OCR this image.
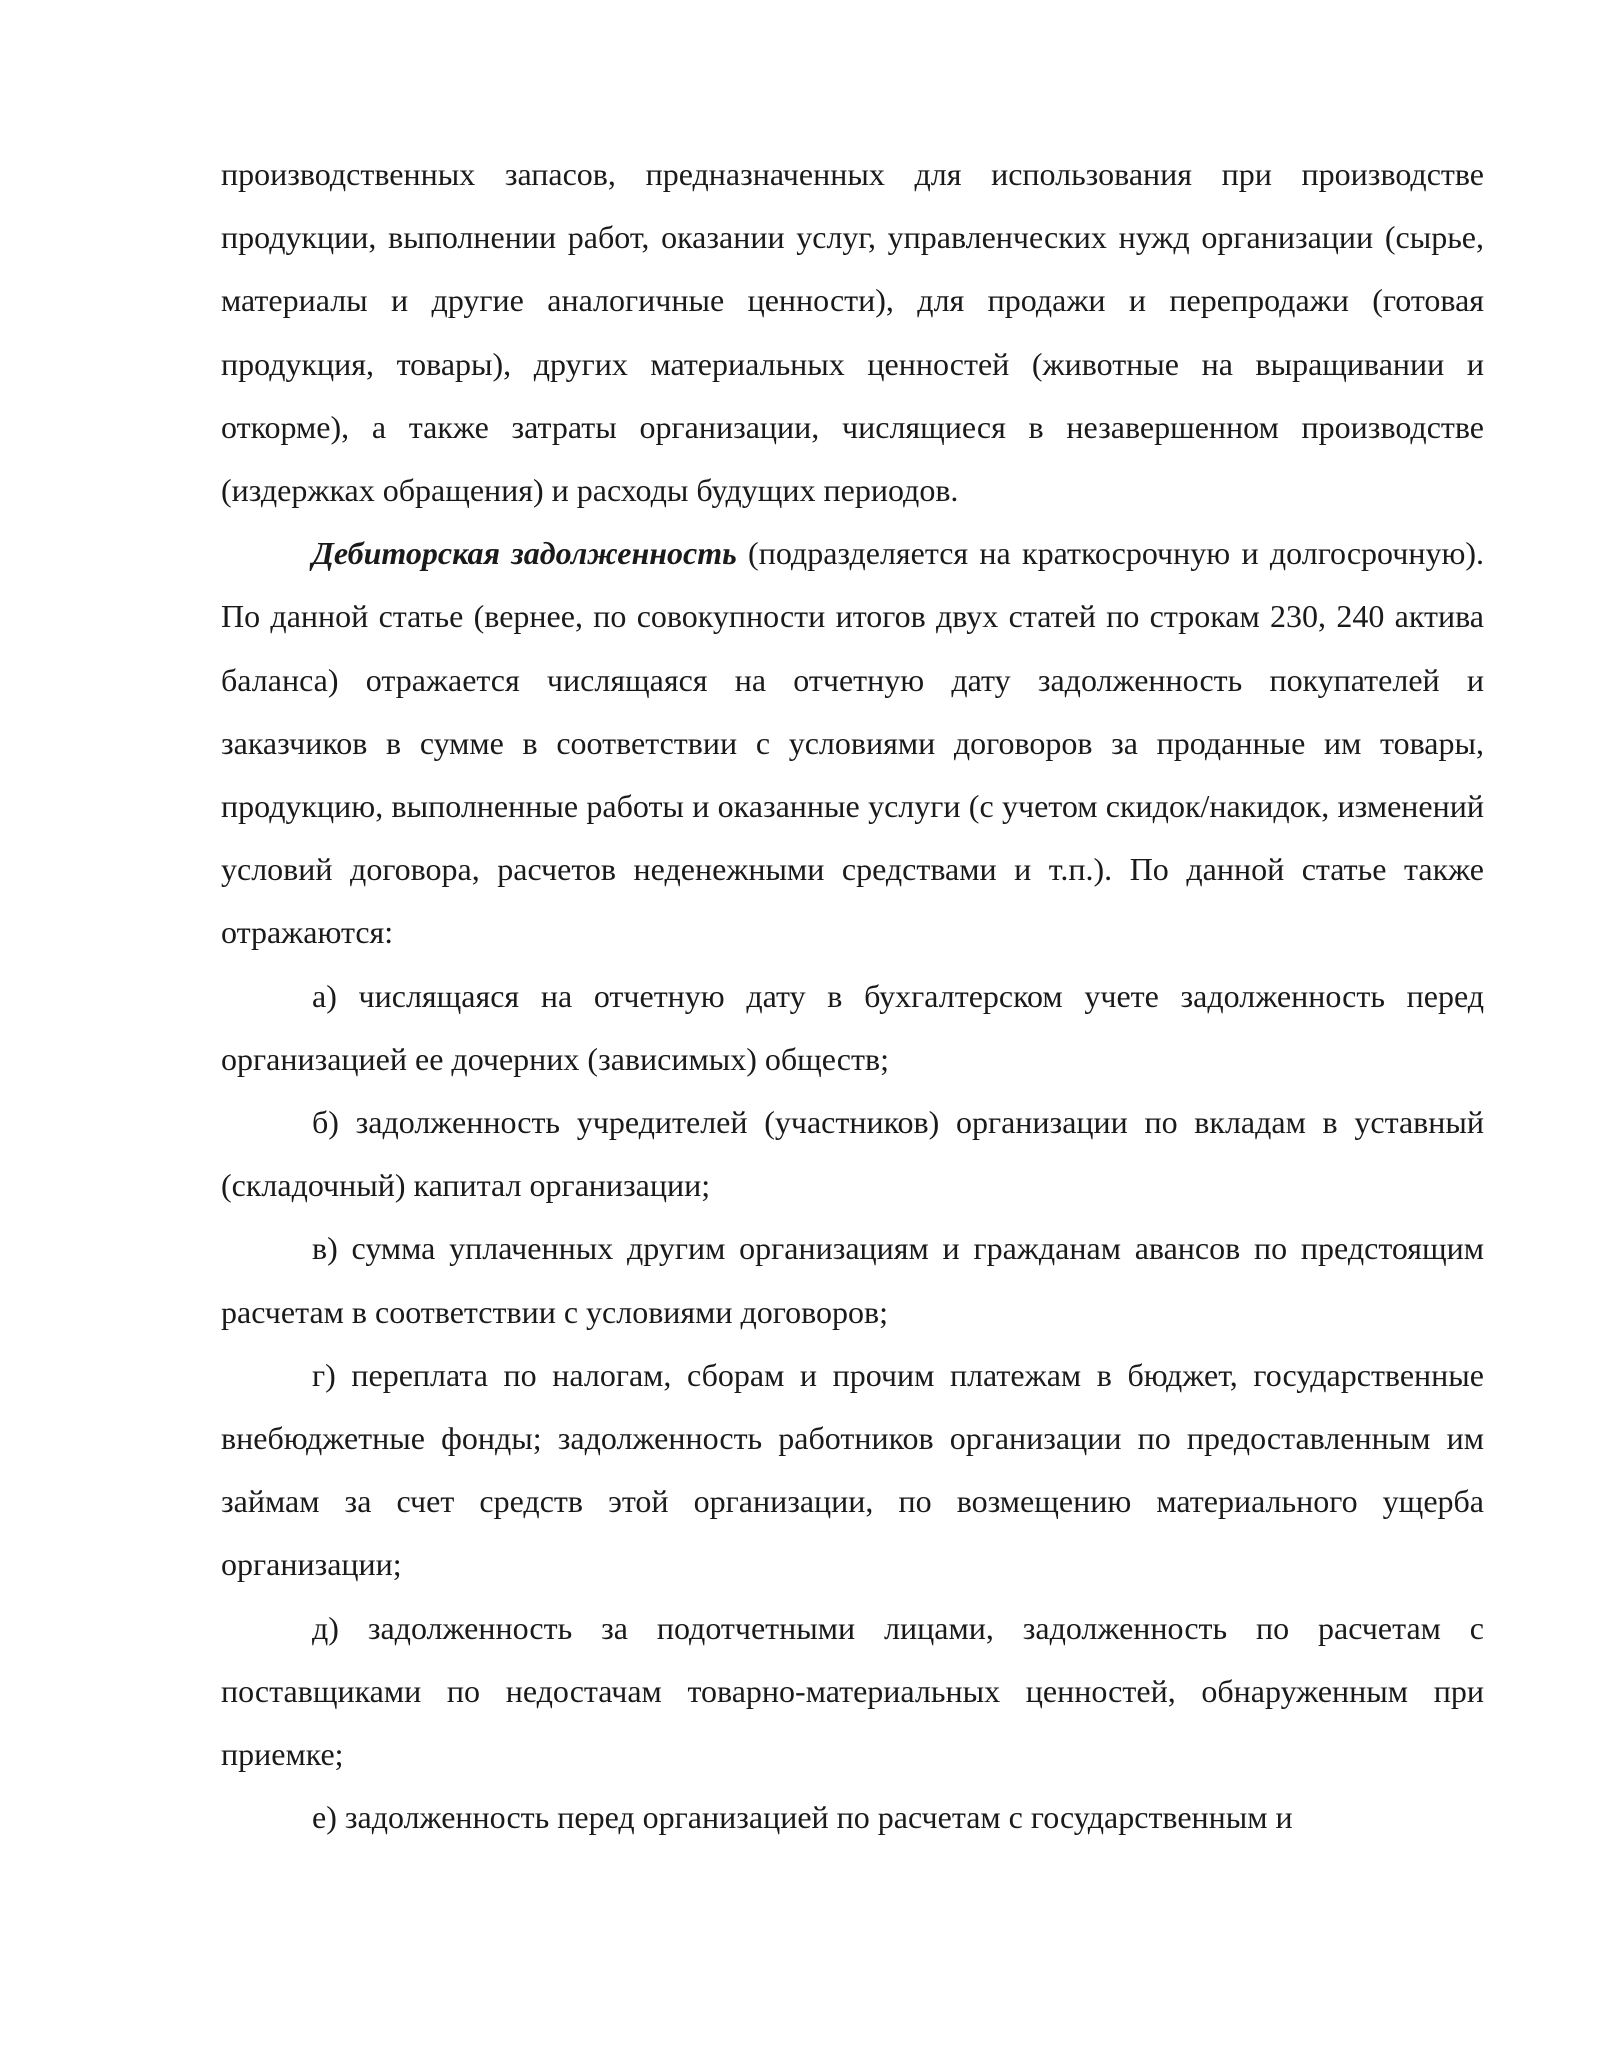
производственных запасов, предназначенных для использования при производстве продукции, выполнении работ, оказании услуг, управленческих нужд организации (сырье, материалы и другие аналогичные ценности), для продажи и перепродажи (готовая продукция, товары), других материальных ценностей (животные на выращивании и откорме), а также затраты организации, числящиеся в незавершенном производстве (издержках обращения) и расходы будущих периодов.

Дебиторская задолженность (подразделяется на краткосрочную и долгосрочную). По данной статье (вернее, по совокупности итогов двух статей по строкам 230, 240 актива баланса) отражается числящаяся на отчетную дату задолженность покупателей и заказчиков в сумме в соответствии с условиями договоров за проданные им товары, продукцию, выполненные работы и оказанные услуги (с учетом скидок/накидок, изменений условий договора, расчетов неденежными средствами и т.п.). По данной статье также отражаются:

а) числящаяся на отчетную дату в бухгалтерском учете задолженность перед организацией ее дочерних (зависимых) обществ;

б) задолженность учредителей (участников) организации по вкладам в уставный (складочный) капитал организации;

в) сумма уплаченных другим организациям и гражданам авансов по предстоящим расчетам в соответствии с условиями договоров;

г) переплата по налогам, сборам и прочим платежам в бюджет, государственные внебюджетные фонды; задолженность работников организации по предоставленным им займам за счет средств этой организации, по возмещению материального ущерба организации;

д) задолженность за подотчетными лицами, задолженность по расчетам с поставщиками по недостачам товарно-материальных ценностей, обнаруженным при приемке;

е) задолженность перед организацией по расчетам с государственным и
